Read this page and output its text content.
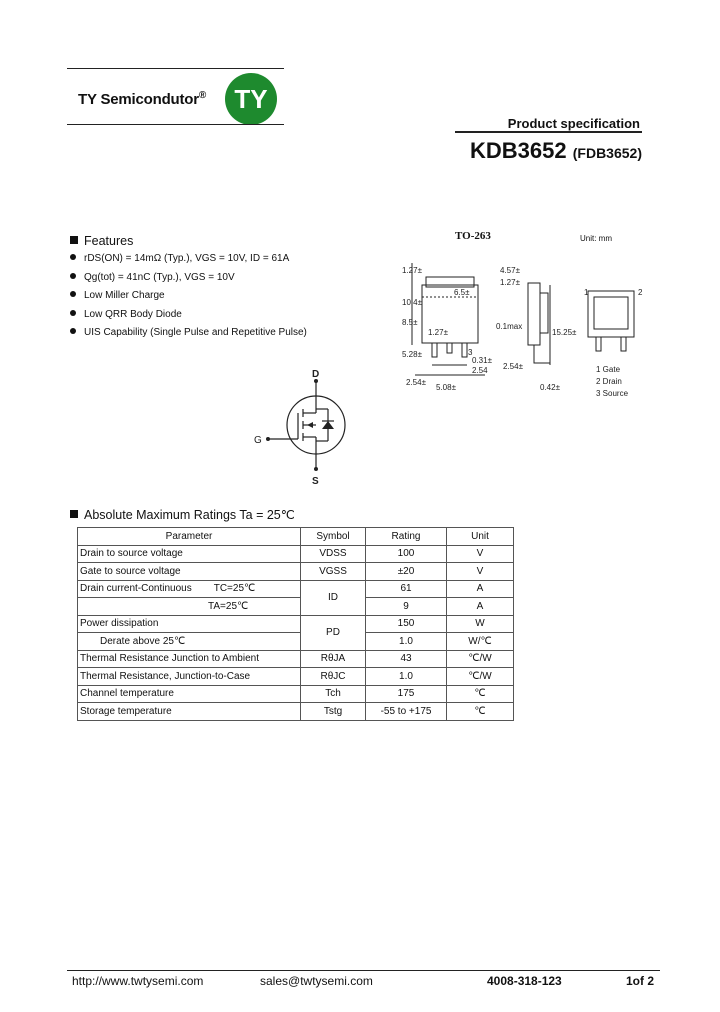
TY Semicondutor®	TY
Product specification
KDB3652 (FDB3652)
Features
rDS(ON) = 14mΩ (Typ.), VGS = 10V, ID = 61A
Qg(tot) = 41nC (Typ.), VGS = 10V
Low Miller Charge
Low QRR Body Diode
UIS Capability (Single Pulse and Repetitive Pulse)
TO-263	Unit: mm
1.27±	4.57±
1.27±
6.5±
8.5±
1.27±
10.4±
15.25±
0.1max
5.28±	3
0.31±
2.54 2.54±
2.54±
5.08±	0.42±
1	2
1 Gate
2 Drain
3 Source
D
G
S
Absolute Maximum Ratings Ta = 25℃
Parameter	Symbol	Rating	Unit
Drain to source voltage	VDSS	100	V
Gate to source voltage	VGSS	±20	V
Drain current-Continuous TC=25℃	ID	61	A
TA=25℃		9	A
Power dissipation	PD	150	W
Derate above 25℃		1.0	W/℃
Thermal Resistance Junction to Ambient	RθJA	43	℃/W
Thermal Resistance, Junction-to-Case	RθJC	1.0	℃/W
Channel temperature	Tch	175	℃
Storage temperature	Tstg	-55 to +175	℃
http://www.twtysemi.com	sales@twtysemi.com	4008-318-123	1of 2
